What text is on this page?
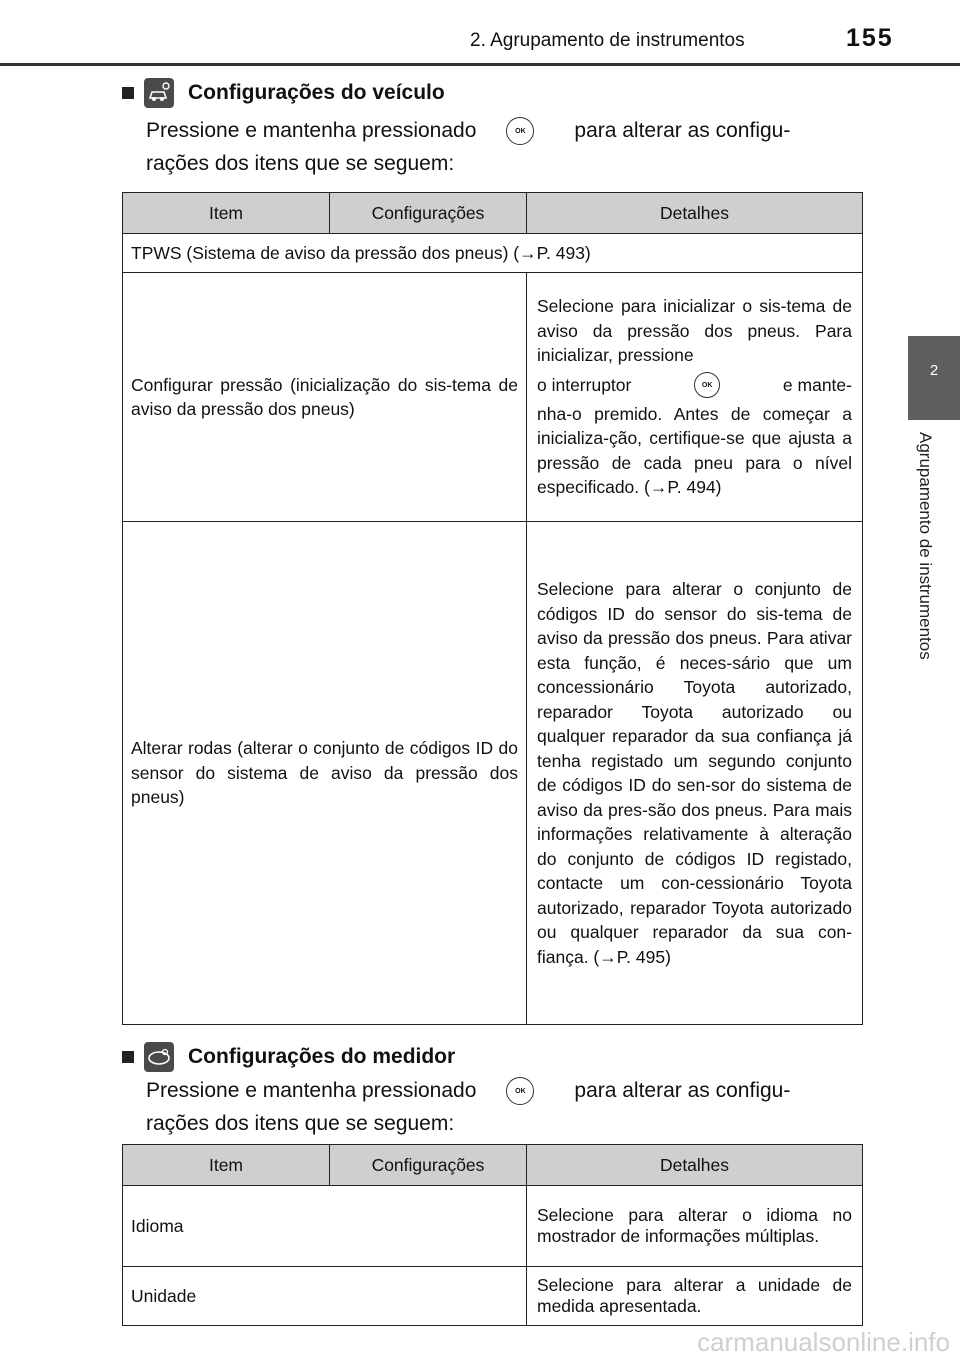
2. Agrupamento de instrumentos	155
2
Agrupamento de instrumentos
Configurações do veículo
Pressione e mantenha pressionado	OK para alterar as configu-
rações dos itens que se seguem:
Item	Configurações	Detalhes
TPWS (Sistema de aviso da pressão dos pneus) (→P. 493)		
Configurar pressão (inicialização do sis-tema de aviso da pressão dos pneus)		Selecione para inicializar o sis-tema de aviso da pressão dos pneus. Para inicializar, pressione

o interruptor OK e mante-
nha-o premido. Antes de começar a inicializa-ção, certifique-se que ajusta a pressão de cada pneu para o nível especificado. (→P. 494)
Alterar rodas (alterar o conjunto de códigos ID do sensor do sistema de aviso da pressão dos pneus)		Selecione para alterar o conjunto de códigos ID do sensor do sis-tema de aviso da pressão dos pneus. Para ativar esta função, é neces-sário que um concessionário Toyota autorizado, reparador Toyota autorizado ou qualquer reparador da sua confiança já tenha registado um segundo conjunto de códigos ID do sen-sor do sistema de aviso da pres-são dos pneus. Para mais informações relativamente à alteração do conjunto de códigos ID registado, contacte um con-cessionário Toyota autorizado, reparador Toyota autorizado ou qualquer reparador da sua con-fiança. (→P. 495)
Configurações do medidor
Pressione e mantenha pressionado	OK para alterar as configu-
rações dos itens que se seguem:
Item	Configurações	Detalhes
Idioma		Selecione para alterar o idioma no mostrador de informações múltiplas.
Unidade		Selecione para alterar a unidade de medida apresentada.
carmanualsonline.info
